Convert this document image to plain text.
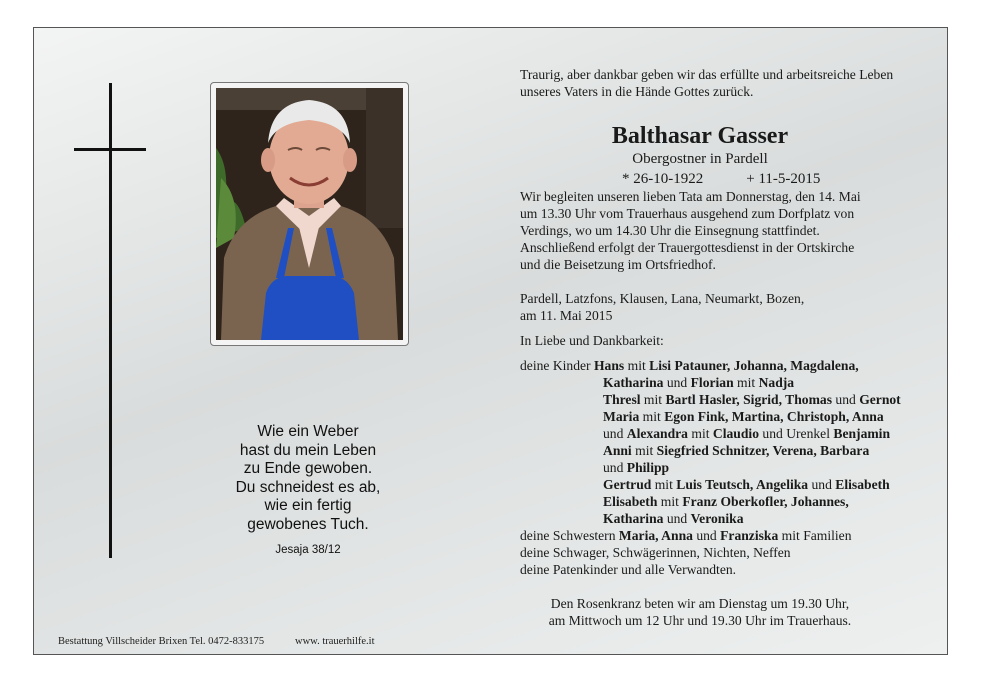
Wie ein Weber
hast du mein Leben
zu Ende gewoben.
Du schneidest es ab,
wie ein fertig
gewobenes Tuch.
Jesaja 38/12
Bestattung Villscheider Brixen Tel. 0472-833175	www. trauerhilfe.it
Traurig, aber dankbar geben wir das erfüllte und arbeitsreiche Leben
unseres Vaters in die Hände Gottes zurück.
Balthasar Gasser
Obergostner in Pardell
* 26-10-1922	+ 11-5-2015
Wir begleiten unseren lieben Tata am Donnerstag, den 14. Mai
um 13.30 Uhr vom Trauerhaus ausgehend zum Dorfplatz von
Verdings, wo um 14.30 Uhr die Einsegnung stattfindet.
Anschließend erfolgt der Trauergottesdienst in der Ortskirche
und die Beisetzung im Ortsfriedhof.
Pardell, Latzfons, Klausen, Lana, Neumarkt, Bozen,
am 11. Mai 2015
In Liebe und Dankbarkeit:
deine Kinder Hans mit Lisi Patauner, Johanna, Magdalena,
Katharina und Florian mit Nadja
Thresl mit Bartl Hasler, Sigrid, Thomas und Gernot
Maria mit Egon Fink, Martina, Christoph, Anna
und Alexandra mit Claudio und Urenkel Benjamin
Anni mit Siegfried Schnitzer, Verena, Barbara
und Philipp
Gertrud mit Luis Teutsch, Angelika und Elisabeth
Elisabeth mit Franz Oberkofler, Johannes,
Katharina und Veronika
deine Schwestern Maria, Anna und Franziska mit Familien
deine Schwager, Schwägerinnen, Nichten, Neffen
deine Patenkinder und alle Verwandten.
Den Rosenkranz beten wir am Dienstag um 19.30 Uhr,
am Mittwoch um 12 Uhr und 19.30 Uhr im Trauerhaus.
